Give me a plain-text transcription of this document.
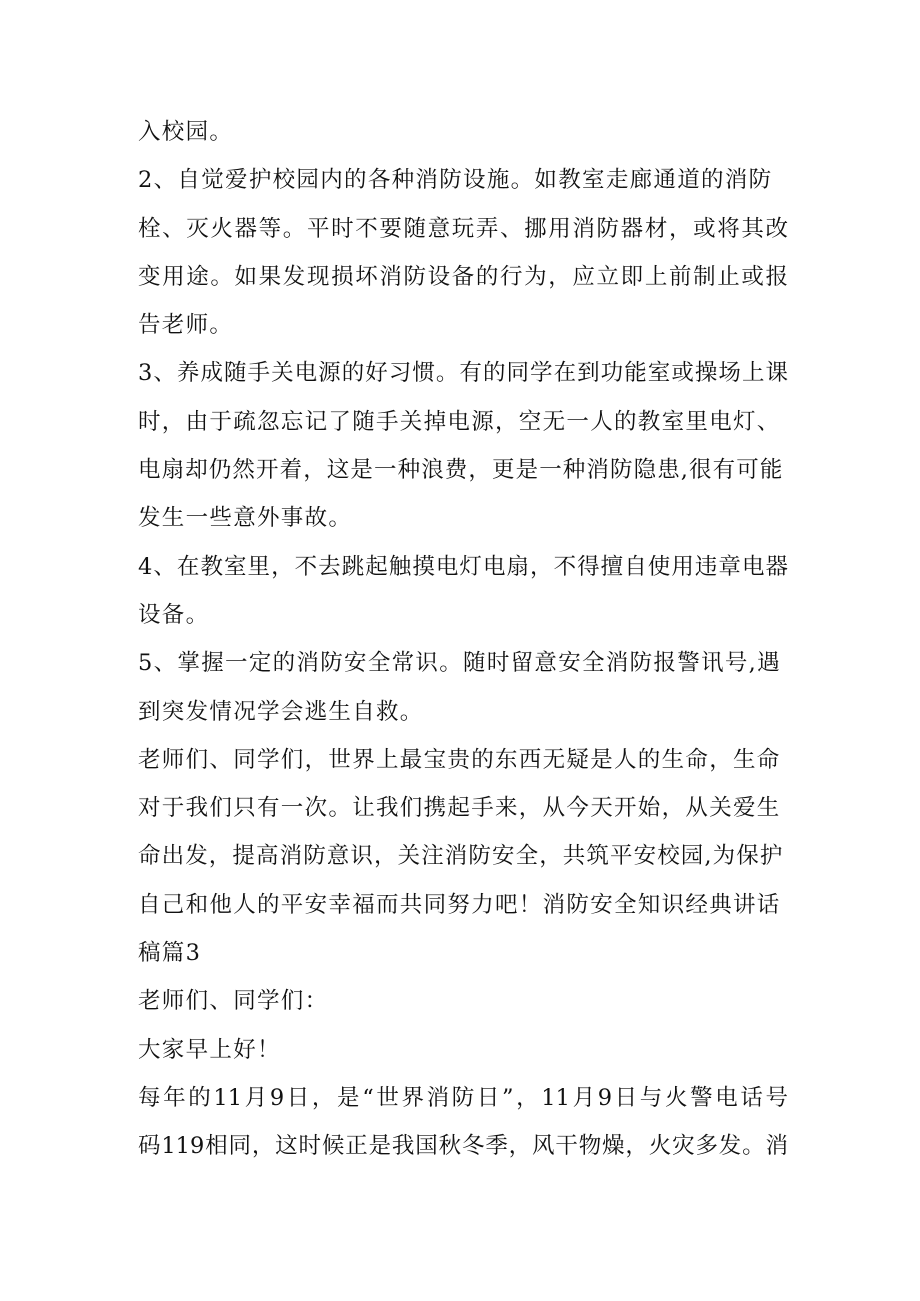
入校园。

2、自觉爱护校园内的各种消防设施。如教室走廊通道的消防

栓、灭火器等。平时不要随意玩弄、挪用消防器材，或将其改

变用途。如果发现损坏消防设备的行为，应立即上前制止或报

告老师。

3、养成随手关电源的好习惯。有的同学在到功能室或操场上课

时，由于疏忽忘记了随手关掉电源，空无一人的教室里电灯、

电扇却仍然开着，这是一种浪费，更是一种消防隐患,很有可能

发生一些意外事故。

4、在教室里，不去跳起触摸电灯电扇，不得擅自使用违章电器

设备。

5、掌握一定的消防安全常识。随时留意安全消防报警讯号,遇

到突发情况学会逃生自救。

老师们、同学们，世界上最宝贵的东西无疑是人的生命，生命

对于我们只有一次。让我们携起手来，从今天开始，从关爱生

命出发，提高消防意识，关注消防安全，共筑平安校园,为保护

自己和他人的平安幸福而共同努力吧！消防安全知识经典讲话

稿篇3

老师们、同学们：

大家早上好！

每年的11月9日，是“世界消防日”，11月9日与火警电话号

码119相同，这时候正是我国秋冬季，风干物燥，火灾多发。消
